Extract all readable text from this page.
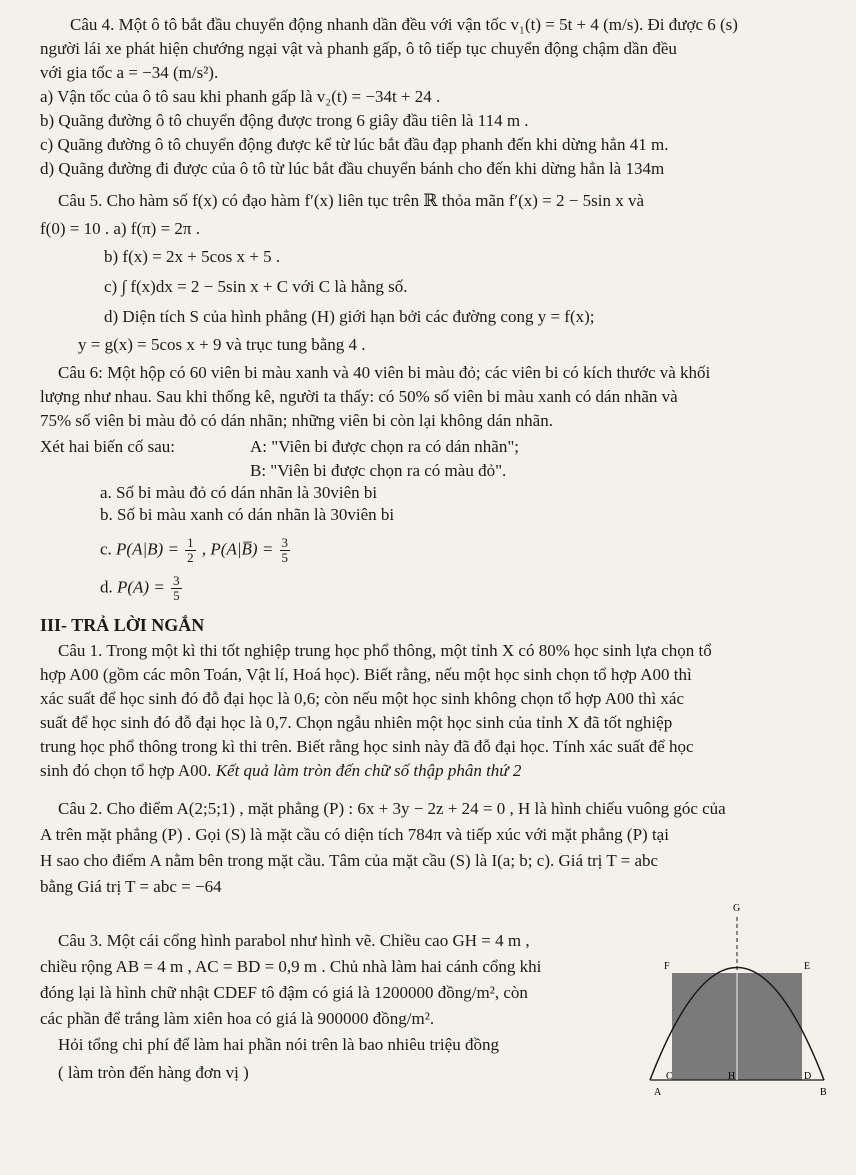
Câu 4. Một ô tô bắt đầu chuyển động nhanh dần đều với vận tốc v₁(t) = 5t + 4 (m/s). Đi được 6 (s)
người lái xe phát hiện chướng ngại vật và phanh gấp, ô tô tiếp tục chuyển động chậm dần đều
với gia tốc a = −34 (m/s²).
a) Vận tốc của ô tô sau khi phanh gấp là v₂(t) = −34t + 24 .
b) Quãng đường ô tô chuyển động được trong 6 giây đầu tiên là 114 m .
c) Quãng đường ô tô chuyển động được kể từ lúc bắt đầu đạp phanh đến khi dừng hẳn 41 m.
d) Quãng đường đi được của ô tô từ lúc bắt đầu chuyển bánh cho đến khi dừng hẳn là 134m
Câu 5. Cho hàm số f(x) có đạo hàm f′(x) liên tục trên ℝ thỏa mãn f′(x) = 2 − 5sin x và
f(0) = 10 . a) f(π) = 2π .
b) f(x) = 2x + 5cos x + 5 .
c) ∫ f(x)dx = 2 − 5sin x + C với C là hằng số.
d) Diện tích S của hình phẳng (H) giới hạn bởi các đường cong y = f(x);
y = g(x) = 5cos x + 9 và trục tung bằng 4 .
Câu 6: Một hộp có 60 viên bi màu xanh và 40 viên bi màu đỏ; các viên bi có kích thước và khối
lượng như nhau. Sau khi thống kê, người ta thấy: có 50% số viên bi màu xanh có dán nhãn và
75% số viên bi màu đỏ có dán nhãn; những viên bi còn lại không dán nhãn.
Xét hai biến cố sau:	A: "Viên bi được chọn ra có dán nhãn";
B: "Viên bi được chọn ra có màu đỏ".
a. Số bi màu đỏ có dán nhãn là 30viên bi
b. Số bi màu xanh có dán nhãn là 30viên bi
c. $P(A|B) = \frac{1}{2}$ , P(A|B̅) = $\frac{3}{5}$
d. $P(A) = \frac{3}{5}$
III- TRẢ LỜI NGẮN
Câu 1. Trong một kì thi tốt nghiệp trung học phổ thông, một tỉnh X có 80% học sinh lựa chọn tổ
hợp A00 (gồm các môn Toán, Vật lí, Hoá học). Biết rằng, nếu một học sinh chọn tổ hợp A00 thì
xác suất để học sinh đó đỗ đại học là 0,6; còn nếu một học sinh không chọn tổ hợp A00 thì xác
suất để học sinh đó đỗ đại học là 0,7. Chọn ngẫu nhiên một học sinh của tỉnh X đã tốt nghiệp
trung học phổ thông trong kì thi trên. Biết rằng học sinh này đã đỗ đại học. Tính xác suất để học
sinh đó chọn tổ hợp A00. Kết quả làm tròn đến chữ số thập phân thứ 2
Câu 2. Cho điểm A(2;5;1) , mặt phẳng (P) : 6x + 3y − 2z + 24 = 0 , H là hình chiếu vuông góc của
A trên mặt phẳng (P) . Gọi (S) là mặt cầu có diện tích 784π và tiếp xúc với mặt phẳng (P) tại
H sao cho điểm A nằm bên trong mặt cầu. Tâm của mặt cầu (S) là I(a; b; c). Giá trị T = abc
bằng Giá trị T = abc = −64
Câu 3. Một cái cổng hình parabol như hình vẽ. Chiều cao GH = 4 m ,
chiều rộng AB = 4 m , AC = BD = 0,9 m . Chủ nhà làm hai cánh cổng khi
đóng lại là hình chữ nhật CDEF tô đậm có giá là 1200000 đồng/m², còn
các phần để trắng làm xiên hoa có giá là 900000 đồng/m².
Hỏi tổng chi phí để làm hai phần nói trên là bao nhiêu triệu đồng
( làm tròn đến hàng đơn vị )
G
F	E
C	H	D
A	B
